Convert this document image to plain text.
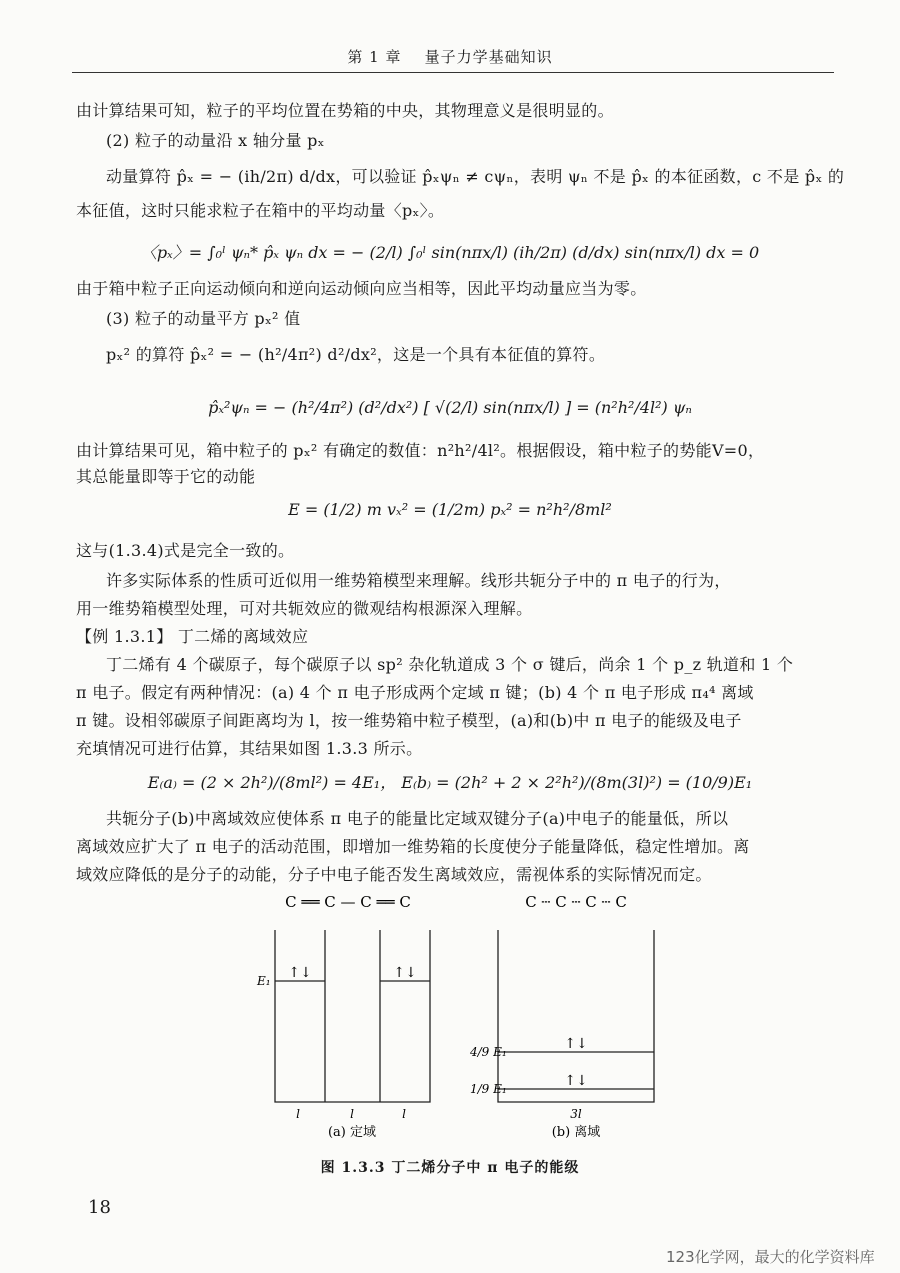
第 1 章 量子力学基础知识
由计算结果可知，粒子的平均位置在势箱的中央，其物理意义是很明显的。
(2) 粒子的动量沿 x 轴分量 pₓ
动量算符 p̂ₓ = − (ih/2π) d/dx，可以验证 p̂ₓψₙ ≠ cψₙ，表明 ψₙ 不是 p̂ₓ 的本征函数，c 不是 p̂ₓ 的
本征值，这时只能求粒子在箱中的平均动量〈pₓ〉。
〈pₓ〉= ∫₀ˡ ψₙ* p̂ₓ ψₙ dx = − (2/l) ∫₀ˡ sin(nπx/l) (ih/2π) (d/dx) sin(nπx/l) dx = 0
由于箱中粒子正向运动倾向和逆向运动倾向应当相等，因此平均动量应当为零。
(3) 粒子的动量平方 pₓ² 值
pₓ² 的算符 p̂ₓ² = − (h²/4π²) d²/dx²，这是一个具有本征值的算符。
p̂ₓ²ψₙ = − (h²/4π²) (d²/dx²) [ √(2/l) sin(nπx/l) ] = (n²h²/4l²) ψₙ
由计算结果可见，箱中粒子的 pₓ² 有确定的数值：n²h²/4l²。根据假设，箱中粒子的势能V=0，
其总能量即等于它的动能
E = (1/2) m vₓ² = (1/2m) pₓ² = n²h²/8ml²
这与(1.3.4)式是完全一致的。
许多实际体系的性质可近似用一维势箱模型来理解。线形共轭分子中的 π 电子的行为，
用一维势箱模型处理，可对共轭效应的微观结构根源深入理解。
【例 1.3.1】 丁二烯的离域效应
丁二烯有 4 个碳原子，每个碳原子以 sp² 杂化轨道成 3 个 σ 键后，尚余 1 个 p_z 轨道和 1 个
π 电子。假定有两种情况：(a) 4 个 π 电子形成两个定域 π 键；(b) 4 个 π 电子形成 π₄⁴ 离域
π 键。设相邻碳原子间距离均为 l，按一维势箱中粒子模型，(a)和(b)中 π 电子的能级及电子
充填情况可进行估算，其结果如图 1.3.3 所示。
E₍a₎ = (2 × 2h²)/(8ml²) = 4E₁， E₍b₎ = (2h² + 2 × 2²h²)/(8m(3l)²) = (10/9)E₁
共轭分子(b)中离域效应使体系 π 电子的能量比定域双键分子(a)中电子的能量低，所以
离域效应扩大了 π 电子的活动范围，即增加一维势箱的长度使分子能量降低，稳定性增加。离
域效应降低的是分子的动能，分子中电子能否发生离域效应，需视体系的实际情况而定。
C ══ C — C ══ C
E₁ ↑↓	↑↓
l	l	l
(a) 定域
C ┄ C ┄ C ┄ C
4/9 E₁
1/9 E₁
↑↓
↑↓
3l
(b) 离域
图 1.3.3 丁二烯分子中 π 电子的能级
18
123化学网，最大的化学资料库
